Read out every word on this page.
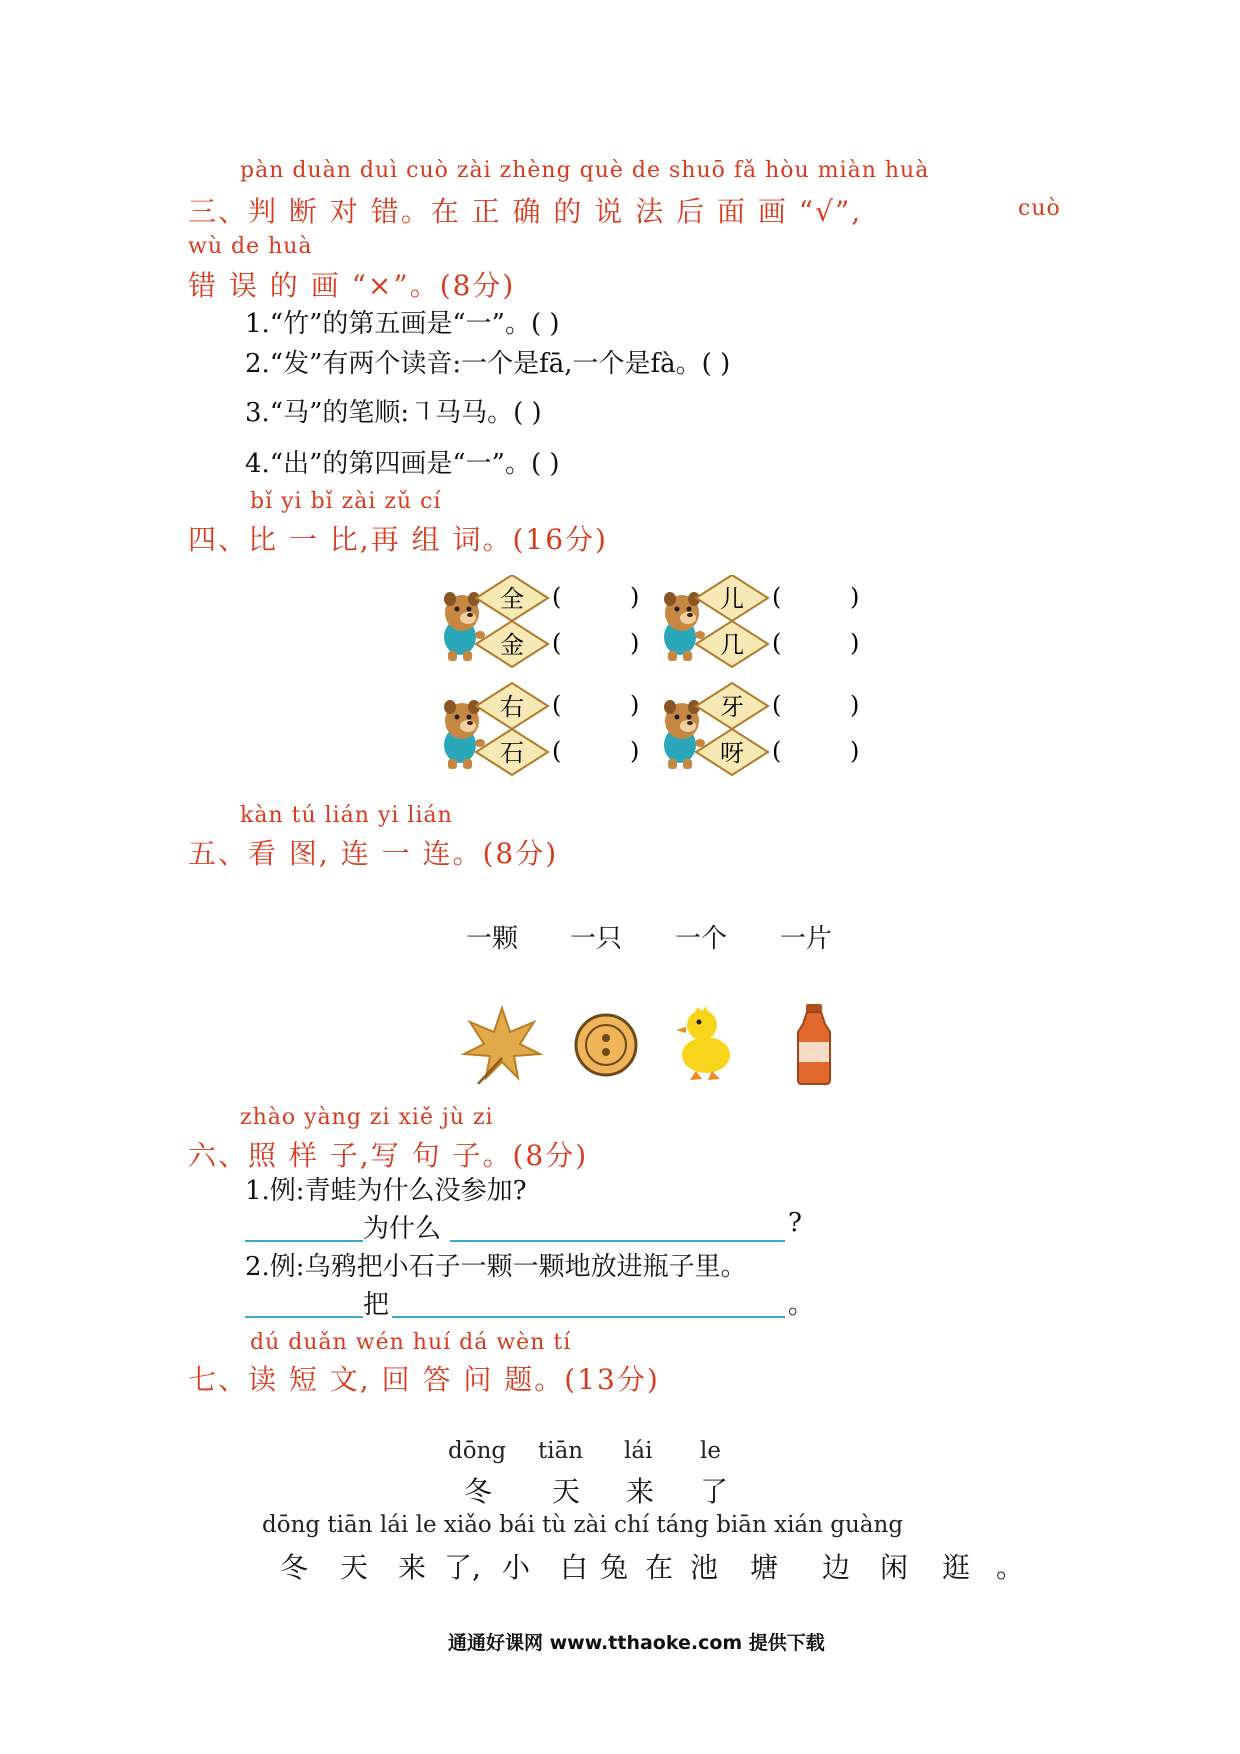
pàn duàn duì cuò zài zhèng què de shuō fǎ hòu miàn huà
三、判 断 对 错。在 正 确 的 说 法 后 面 画 “√”,	cuò
wù de huà
错 误 的 画 “×”。(8分)
1.“竹”的第五画是“一”。( )
2.“发”有两个读音:一个是fā,一个是fà。( )
3.“马”的笔顺:㇕马马。( )
4.“出”的第四画是“一”。( )
bǐ yi bǐ zài zǔ cí
四、比 一 比,再 组 词。(16分)
全
金
(	)
(	)
儿
几
(	)
(	)
右
石
(	)
(	)
牙
呀
(	)
(	)
kàn tú lián yi lián
五、看 图, 连 一 连。(8分)
一颗 一只 一个 一片
zhào yàng zi xiě jù zi
六、照 样 子,写 句 子。(8分)
1.例:青蛙为什么没参加?
为什么	?
2.例:乌鸦把小石子一颗一颗地放进瓶子里。
把	。
dú duǎn wén huí dá wèn tí
七、读 短 文, 回 答 问 题。(13分)
dōng tiān lái le
冬 天 来 了
dōng tiān lái le xiǎo bái tù zài chí táng biān xián guàng
冬 天 来 了, 小 白 兔 在 池 塘 边 闲 逛 。
通通好课网 www.tthaoke.com 提供下载
